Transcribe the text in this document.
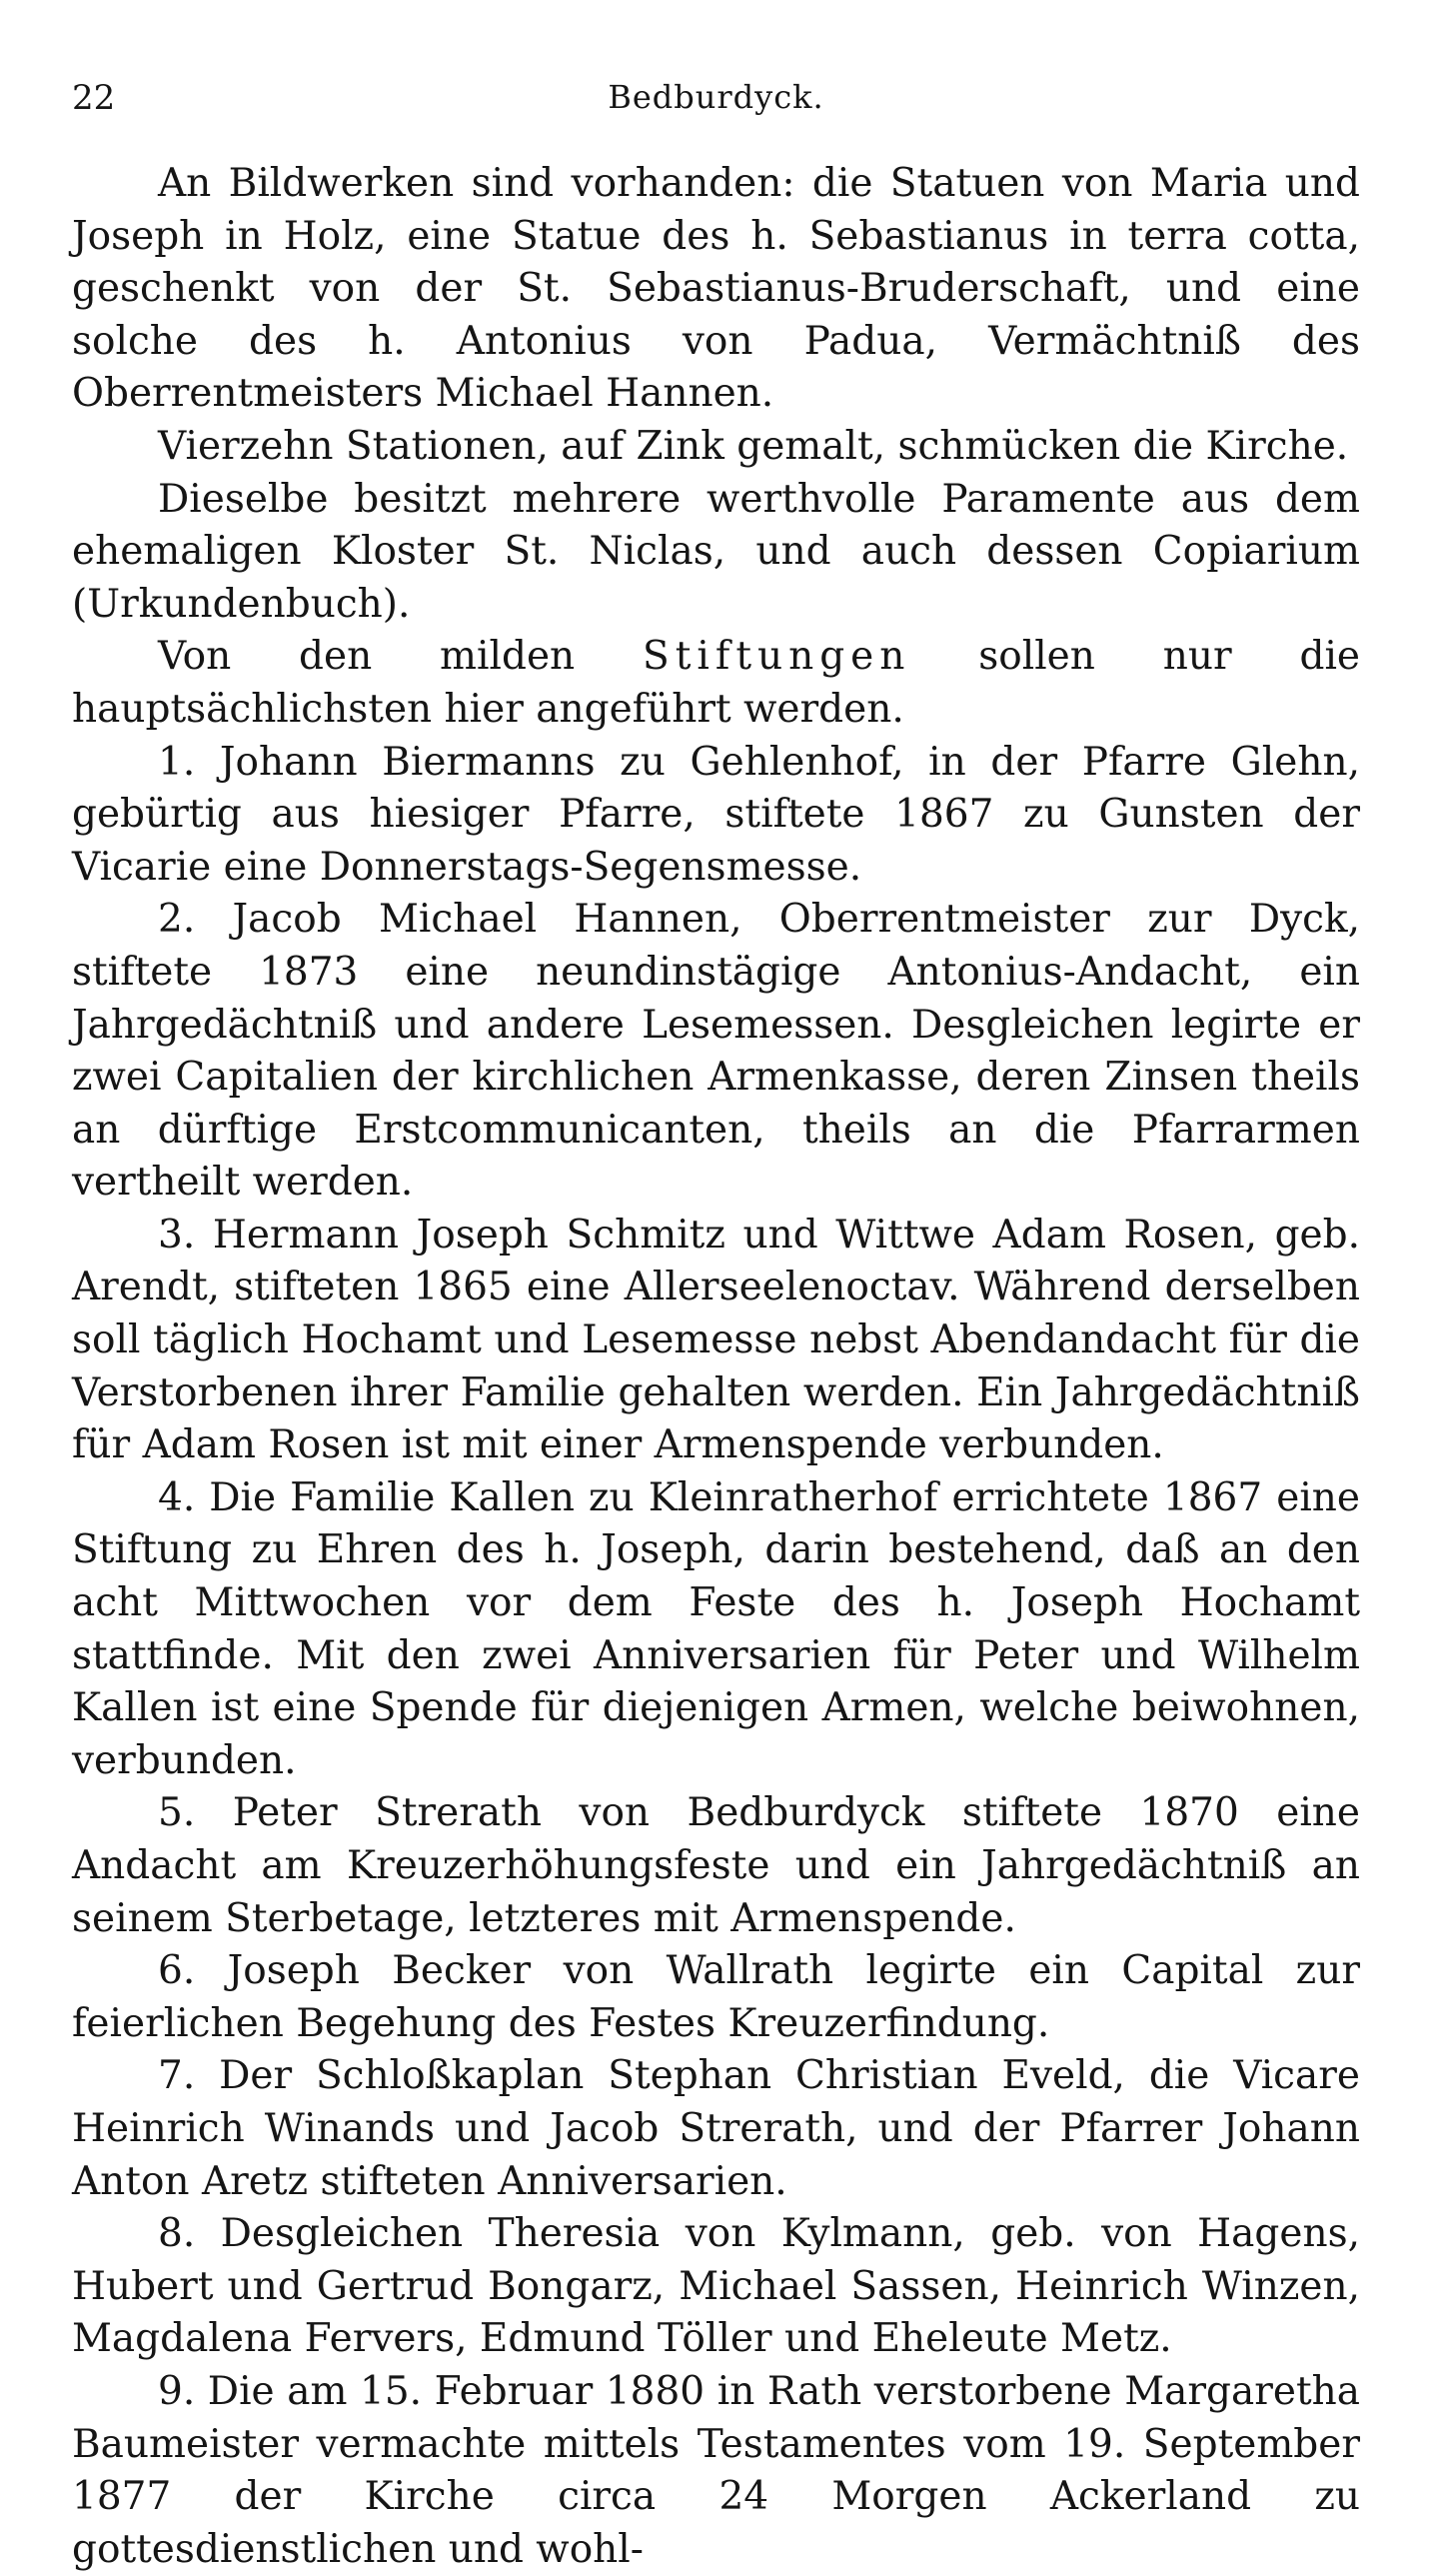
22	Bedburdyck.

An Bildwerken sind vorhanden: die Statuen von Maria und Joseph in Holz, eine Statue des h. Sebastianus in terra cotta, geschenkt von der St. Sebastianus-Bruderschaft, und eine solche des h. Antonius von Padua, Vermächtniß des Oberrentmeisters Michael Hannen.

Vierzehn Stationen, auf Zink gemalt, schmücken die Kirche.

Dieselbe besitzt mehrere werthvolle Paramente aus dem ehemaligen Kloster St. Niclas, und auch dessen Copiarium (Urkundenbuch).

Von den milden Stiftungen sollen nur die hauptsächlichsten hier angeführt werden.

1. Johann Biermanns zu Gehlenhof, in der Pfarre Glehn, gebürtig aus hiesiger Pfarre, stiftete 1867 zu Gunsten der Vicarie eine Donnerstags-Segensmesse.

2. Jacob Michael Hannen, Oberrentmeister zur Dyck, stiftete 1873 eine neundinstägige Antonius-Andacht, ein Jahrgedächtniß und andere Lesemessen. Desgleichen legirte er zwei Capitalien der kirchlichen Armenkasse, deren Zinsen theils an dürftige Erstcommunicanten, theils an die Pfarrarmen vertheilt werden.

3. Hermann Joseph Schmitz und Wittwe Adam Rosen, geb. Arendt, stifteten 1865 eine Allerseelenoctav. Während derselben soll täglich Hochamt und Lesemesse nebst Abendandacht für die Verstorbenen ihrer Familie gehalten werden. Ein Jahrgedächtniß für Adam Rosen ist mit einer Armenspende verbunden.

4. Die Familie Kallen zu Kleinratherhof errichtete 1867 eine Stiftung zu Ehren des h. Joseph, darin bestehend, daß an den acht Mittwochen vor dem Feste des h. Joseph Hochamt stattfinde. Mit den zwei Anniversarien für Peter und Wilhelm Kallen ist eine Spende für diejenigen Armen, welche beiwohnen, verbunden.

5. Peter Strerath von Bedburdyck stiftete 1870 eine Andacht am Kreuzerhöhungsfeste und ein Jahrgedächtniß an seinem Sterbetage, letzteres mit Armenspende.

6. Joseph Becker von Wallrath legirte ein Capital zur feierlichen Begehung des Festes Kreuzerfindung.

7. Der Schloßkaplan Stephan Christian Eveld, die Vicare Heinrich Winands und Jacob Strerath, und der Pfarrer Johann Anton Aretz stifteten Anniversarien.

8. Desgleichen Theresia von Kylmann, geb. von Hagens, Hubert und Gertrud Bongarz, Michael Sassen, Heinrich Winzen, Magdalena Fervers, Edmund Töller und Eheleute Metz.

9. Die am 15. Februar 1880 in Rath verstorbene Margaretha Baumeister vermachte mittels Testamentes vom 19. September 1877 der Kirche circa 24 Morgen Ackerland zu gottesdienstlichen und wohl-
